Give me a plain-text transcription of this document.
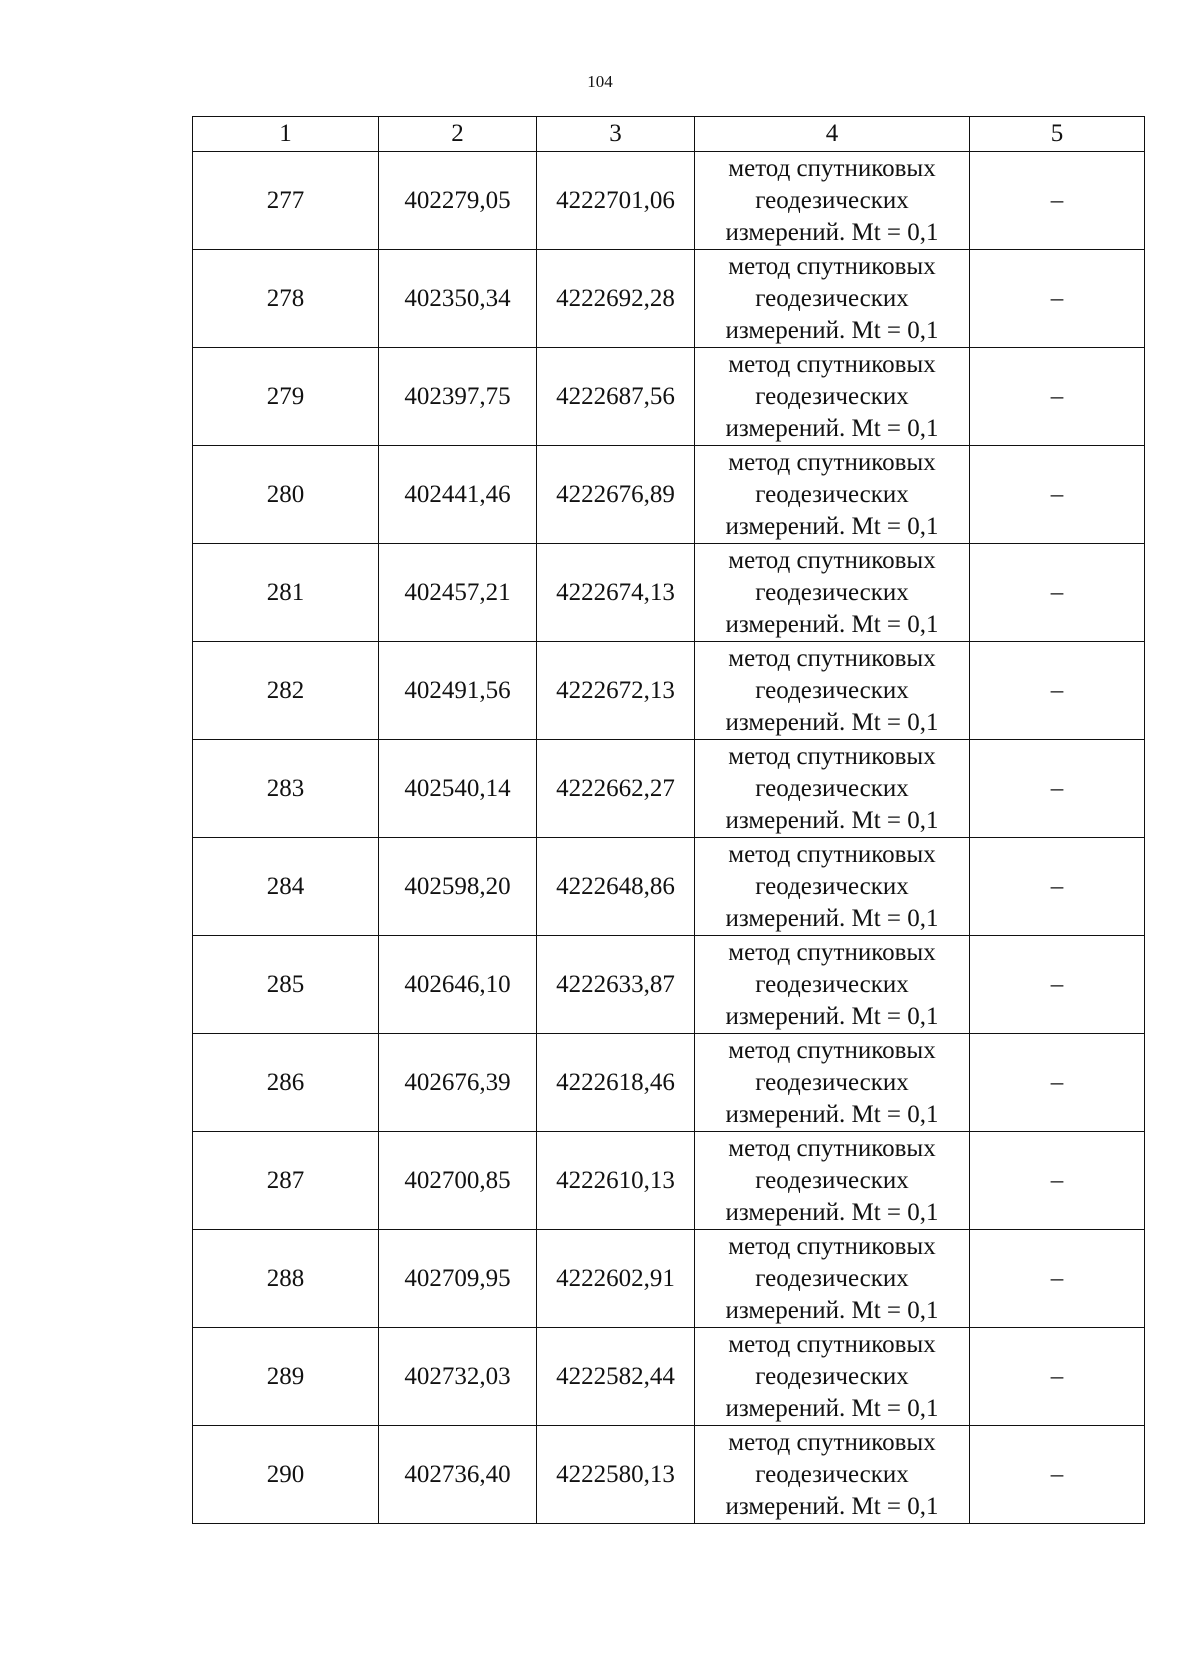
104
1	2	3	4	5
277	402279,05	4222701,06	метод спутниковых
геодезических
измерений. Mt = 0,1	–
278	402350,34	4222692,28	метод спутниковых
геодезических
измерений. Mt = 0,1	–
279	402397,75	4222687,56	метод спутниковых
геодезических
измерений. Mt = 0,1	–
280	402441,46	4222676,89	метод спутниковых
геодезических
измерений. Mt = 0,1	–
281	402457,21	4222674,13	метод спутниковых
геодезических
измерений. Mt = 0,1	–
282	402491,56	4222672,13	метод спутниковых
геодезических
измерений. Mt = 0,1	–
283	402540,14	4222662,27	метод спутниковых
геодезических
измерений. Mt = 0,1	–
284	402598,20	4222648,86	метод спутниковых
геодезических
измерений. Mt = 0,1	–
285	402646,10	4222633,87	метод спутниковых
геодезических
измерений. Mt = 0,1	–
286	402676,39	4222618,46	метод спутниковых
геодезических
измерений. Mt = 0,1	–
287	402700,85	4222610,13	метод спутниковых
геодезических
измерений. Mt = 0,1	–
288	402709,95	4222602,91	метод спутниковых
геодезических
измерений. Mt = 0,1	–
289	402732,03	4222582,44	метод спутниковых
геодезических
измерений. Mt = 0,1	–
290	402736,40	4222580,13	метод спутниковых
геодезических
измерений. Mt = 0,1	–
